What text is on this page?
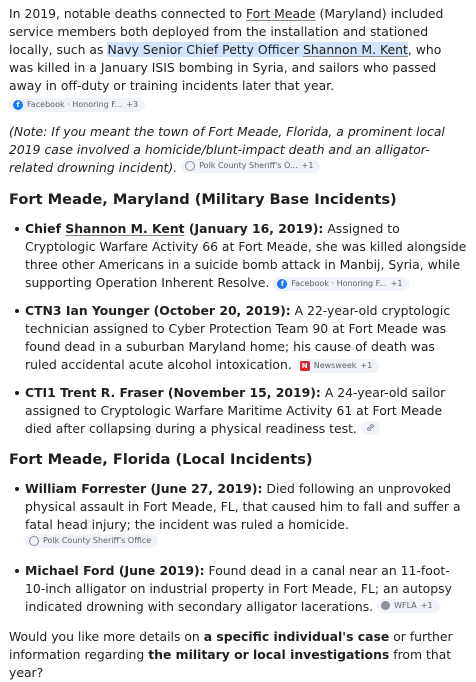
In 2019, notable deaths connected to Fort Meade (Maryland) included service members both deployed from the installation and stationed locally, such as Navy Senior Chief Petty Officer Shannon M. Kent, who was killed in a January ISIS bombing in Syria, and sailors who passed away in off-duty or training incidents later that year.
f Facebook · Honoring F... +3

(Note: If you meant the town of Fort Meade, Florida, a prominent local 2019 case involved a homicide/blunt-impact death and an alligator-related drowning incident).	Polk County Sheriff's O... +1

Fort Meade, Maryland (Military Base Incidents)
Chief Shannon M. Kent (January 16, 2019): Assigned to Cryptologic Warfare Activity 66 at Fort Meade, she was killed alongside three other Americans in a suicide bomb attack in Manbij, Syria, while supporting Operation Inherent Resolve.	f Facebook · Honoring F... +1
CTN3 Ian Younger (October 20, 2019): A 22-year-old cryptologic technician assigned to Cyber Protection Team 90 at Fort Meade was found dead in a suburban Maryland home; his cause of death was ruled accidental acute alcohol intoxication. N Newsweek +1
CTI1 Trent R. Fraser (November 15, 2019): A 24-year-old sailor assigned to Cryptologic Warfare Maritime Activity 61 at Fort Meade died after collapsing during a physical readiness test.
Fort Meade, Florida (Local Incidents)
William Forrester (June 27, 2019): Died following an unprovoked physical assault in Fort Meade, FL, that caused him to fall and suffer a fatal head injury; the incident was ruled a homicide.
Polk County Sheriff's Office
Michael Ford (June 2019): Found dead in a canal near an 11-foot-10-inch alligator on industrial property in Fort Meade, FL; an autopsy indicated drowning with secondary alligator lacerations.	WFLA +1

Would you like more details on a specific individual's case or further information regarding the military or local investigations from that year?
